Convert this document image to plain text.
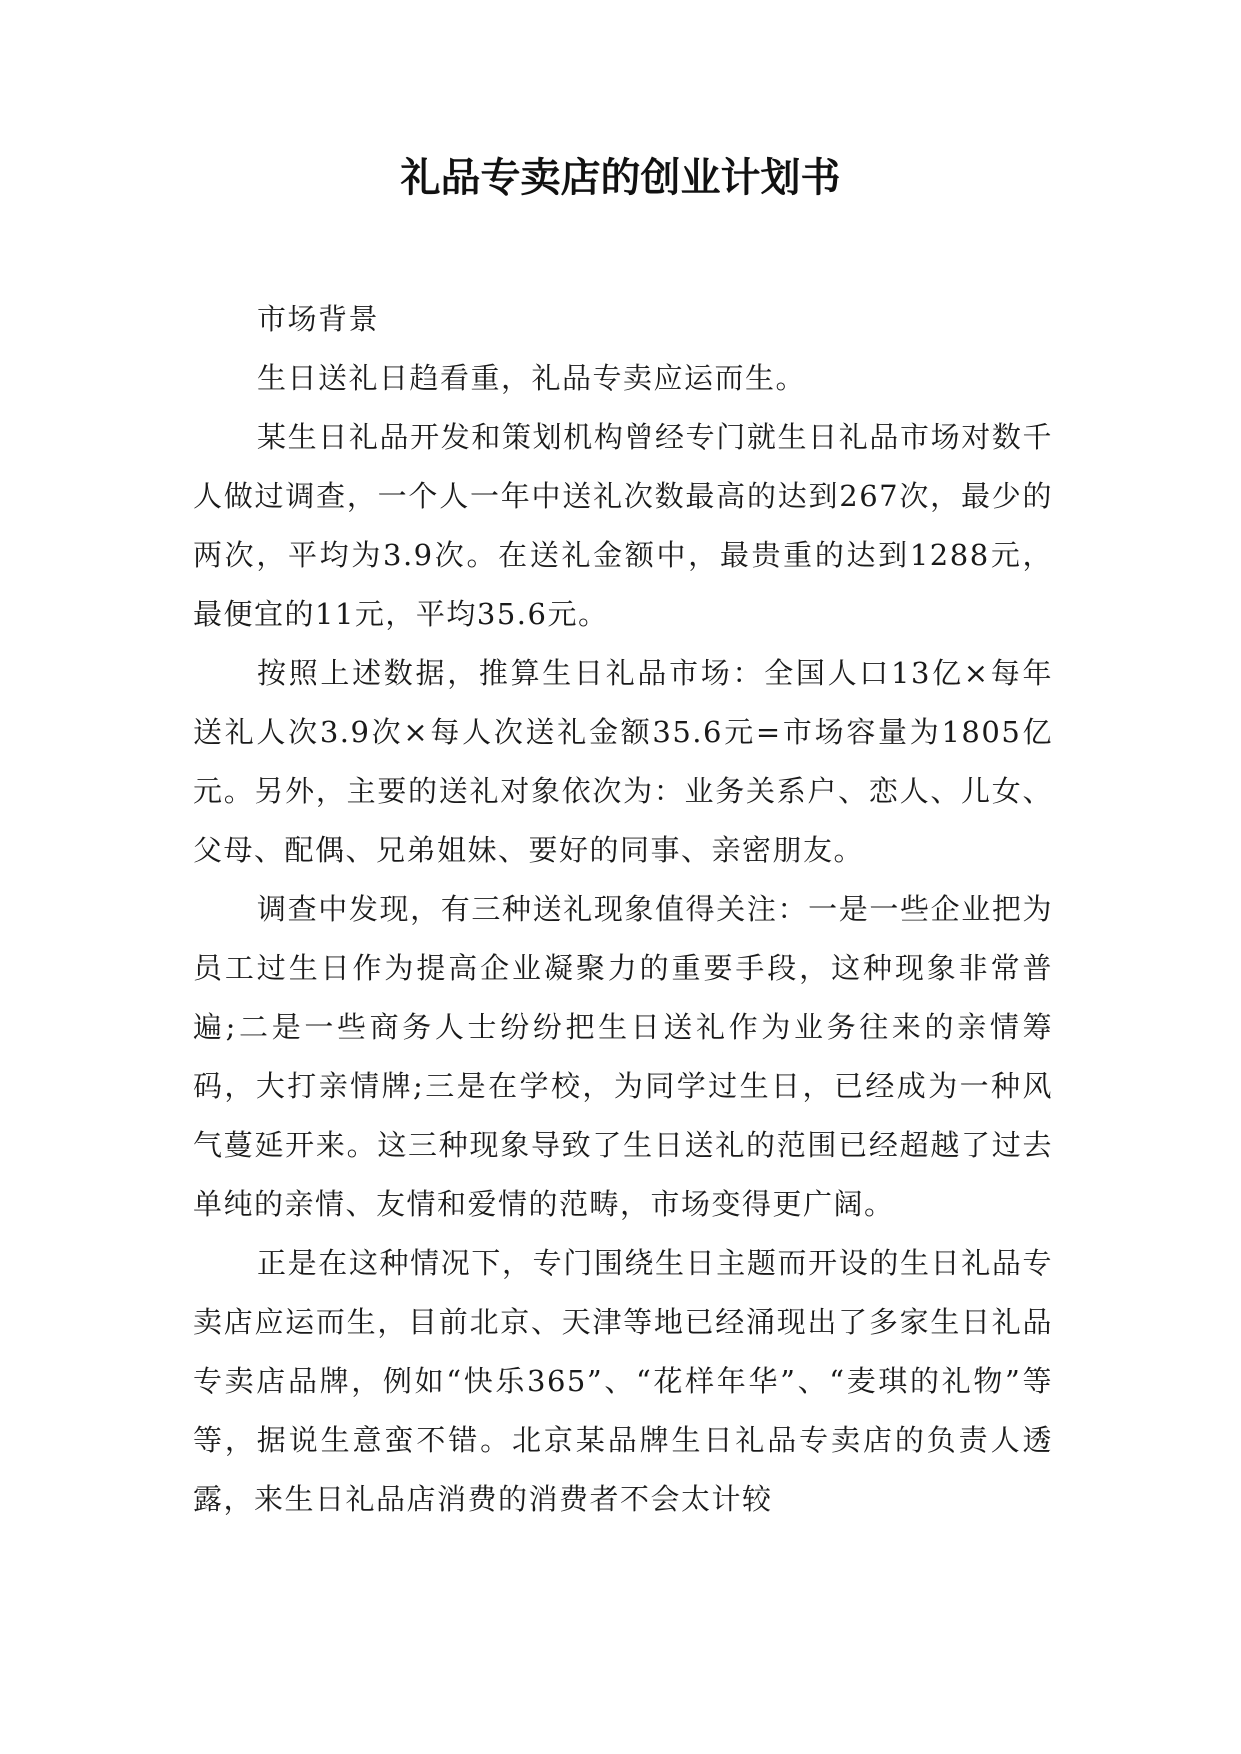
礼品专卖店的创业计划书

市场背景

生日送礼日趋看重，礼品专卖应运而生。

某生日礼品开发和策划机构曾经专门就生日礼品市场对数千人做过调查，一个人一年中送礼次数最高的达到267次，最少的两次，平均为3.9次。在送礼金额中，最贵重的达到1288元，最便宜的11元，平均35.6元。

按照上述数据，推算生日礼品市场：全国人口13亿×每年送礼人次3.9次×每人次送礼金额35.6元=市场容量为1805亿元。另外，主要的送礼对象依次为：业务关系户、恋人、儿女、父母、配偶、兄弟姐妹、要好的同事、亲密朋友。

调查中发现，有三种送礼现象值得关注：一是一些企业把为员工过生日作为提高企业凝聚力的重要手段，这种现象非常普遍;二是一些商务人士纷纷把生日送礼作为业务往来的亲情筹码，大打亲情牌;三是在学校，为同学过生日，已经成为一种风气蔓延开来。这三种现象导致了生日送礼的范围已经超越了过去单纯的亲情、友情和爱情的范畴，市场变得更广阔。

正是在这种情况下，专门围绕生日主题而开设的生日礼品专卖店应运而生，目前北京、天津等地已经涌现出了多家生日礼品专卖店品牌，例如“快乐365”、“花样年华”、“麦琪的礼物”等等，据说生意蛮不错。北京某品牌生日礼品专卖店的负责人透露，来生日礼品店消费的消费者不会太计较
